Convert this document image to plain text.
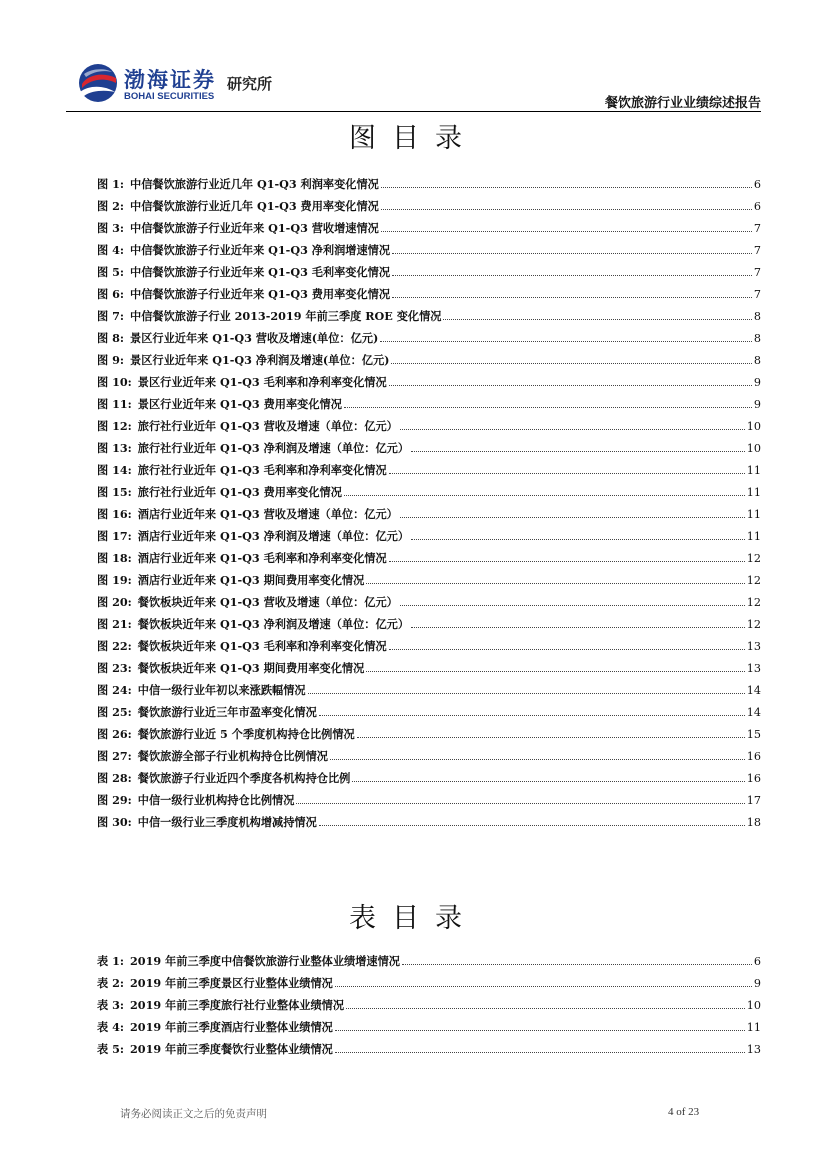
渤海证券
BOHAI SECURITIES
研究所
餐饮旅游行业业绩综述报告
图目录
图 1: 中信餐饮旅游行业近几年 Q1-Q3 利润率变化情况	6
图 2: 中信餐饮旅游行业近几年 Q1-Q3 费用率变化情况	6
图 3: 中信餐饮旅游子行业近年来 Q1-Q3 营收增速情况	7
图 4: 中信餐饮旅游子行业近年来 Q1-Q3 净利润增速情况	7
图 5: 中信餐饮旅游子行业近年来 Q1-Q3 毛利率变化情况	7
图 6: 中信餐饮旅游子行业近年来 Q1-Q3 费用率变化情况	7
图 7: 中信餐饮旅游子行业 2013-2019 年前三季度 ROE 变化情况	8
图 8: 景区行业近年来 Q1-Q3 营收及增速(单位：亿元)	8
图 9: 景区行业近年来 Q1-Q3 净利润及增速(单位：亿元)	8
图 10: 景区行业近年来 Q1-Q3 毛利率和净利率变化情况	9
图 11: 景区行业近年来 Q1-Q3 费用率变化情况	9
图 12: 旅行社行业近年 Q1-Q3 营收及增速（单位：亿元）	10
图 13: 旅行社行业近年 Q1-Q3 净利润及增速（单位：亿元）	10
图 14: 旅行社行业近年 Q1-Q3 毛利率和净利率变化情况	11
图 15: 旅行社行业近年 Q1-Q3 费用率变化情况	11
图 16: 酒店行业近年来 Q1-Q3 营收及增速（单位：亿元）	11
图 17: 酒店行业近年来 Q1-Q3 净利润及增速（单位：亿元）	11
图 18: 酒店行业近年来 Q1-Q3 毛利率和净利率变化情况	12
图 19: 酒店行业近年来 Q1-Q3 期间费用率变化情况	12
图 20: 餐饮板块近年来 Q1-Q3 营收及增速（单位：亿元）	12
图 21: 餐饮板块近年来 Q1-Q3 净利润及增速（单位：亿元）	12
图 22: 餐饮板块近年来 Q1-Q3 毛利率和净利率变化情况	13
图 23: 餐饮板块近年来 Q1-Q3 期间费用率变化情况	13
图 24: 中信一级行业年初以来涨跌幅情况	14
图 25: 餐饮旅游行业近三年市盈率变化情况	14
图 26: 餐饮旅游行业近 5 个季度机构持仓比例情况	15
图 27: 餐饮旅游全部子行业机构持仓比例情况	16
图 28: 餐饮旅游子行业近四个季度各机构持仓比例	16
图 29: 中信一级行业机构持仓比例情况	17
图 30: 中信一级行业三季度机构增减持情况	18
表目录
表 1: 2019 年前三季度中信餐饮旅游行业整体业绩增速情况	6
表 2: 2019 年前三季度景区行业整体业绩情况	9
表 3: 2019 年前三季度旅行社行业整体业绩情况	10
表 4: 2019 年前三季度酒店行业整体业绩情况	11
表 5: 2019 年前三季度餐饮行业整体业绩情况	13
请务必阅读正文之后的免责声明	4 of 23
